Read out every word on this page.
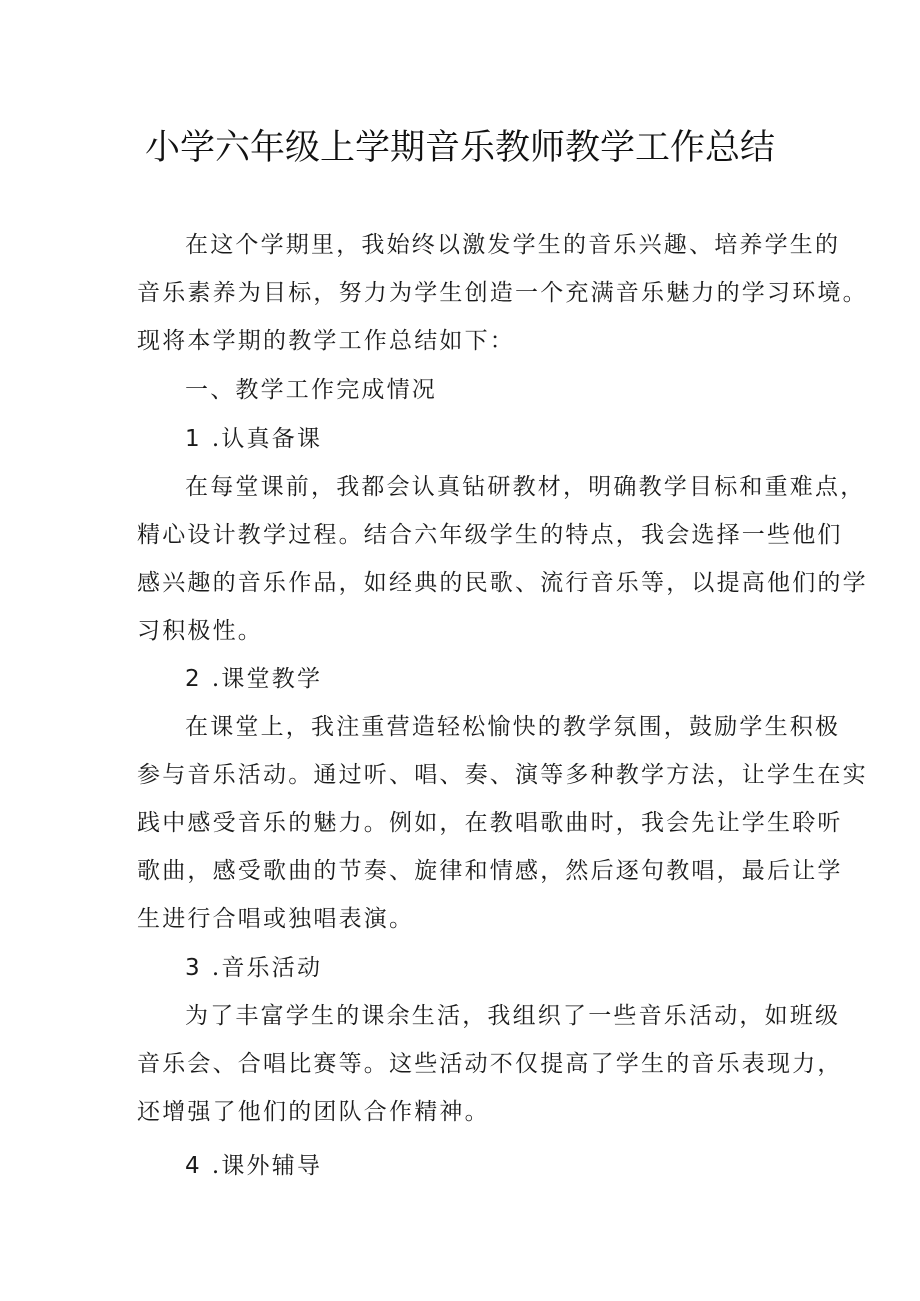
小学六年级上学期音乐教师教学工作总结
在这个学期里，我始终以激发学生的音乐兴趣、培养学生的
音乐素养为目标，努力为学生创造一个充满音乐魅力的学习环境。
现将本学期的教学工作总结如下：
一、教学工作完成情况
1 .认真备课
在每堂课前，我都会认真钻研教材，明确教学目标和重难点，
精心设计教学过程。结合六年级学生的特点，我会选择一些他们
感兴趣的音乐作品，如经典的民歌、流行音乐等，以提高他们的学
习积极性。
2 .课堂教学
在课堂上，我注重营造轻松愉快的教学氛围，鼓励学生积极
参与音乐活动。通过听、唱、奏、演等多种教学方法，让学生在实
践中感受音乐的魅力。例如，在教唱歌曲时，我会先让学生聆听
歌曲，感受歌曲的节奏、旋律和情感，然后逐句教唱，最后让学
生进行合唱或独唱表演。
3 .音乐活动
为了丰富学生的课余生活，我组织了一些音乐活动，如班级
音乐会、合唱比赛等。这些活动不仅提高了学生的音乐表现力，
还增强了他们的团队合作精神。
4 .课外辅导
